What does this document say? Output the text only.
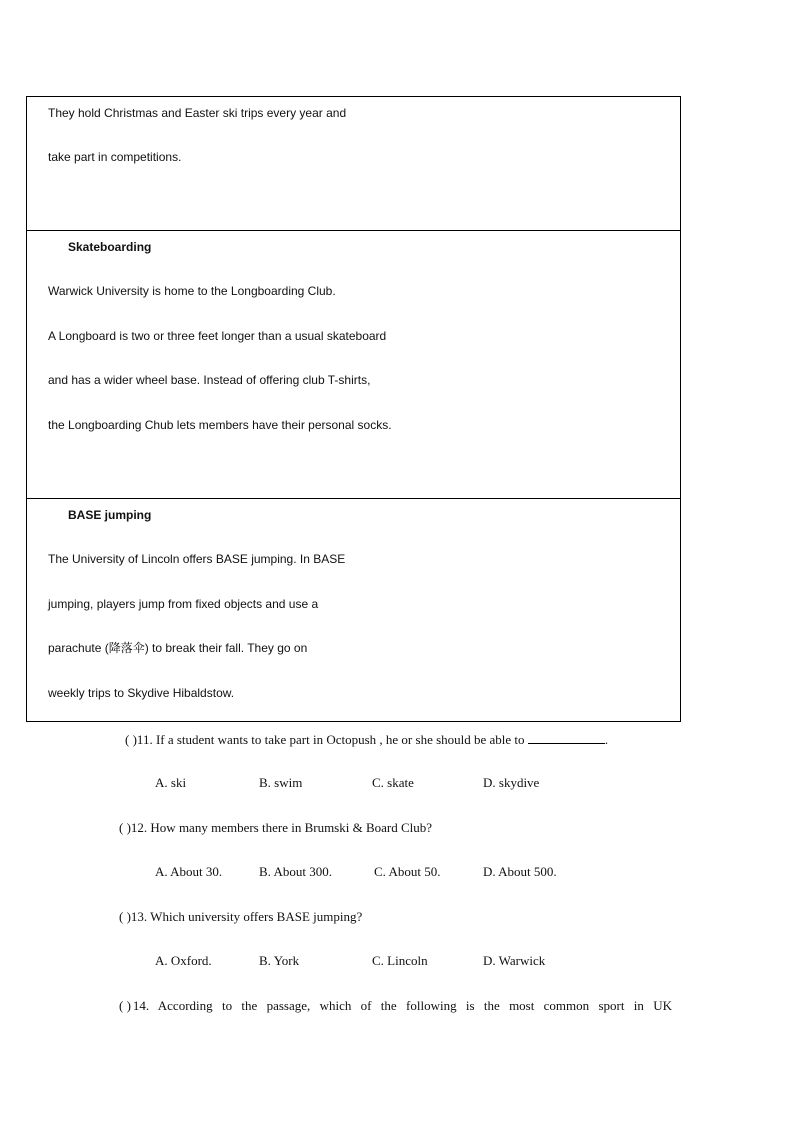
They hold Christmas and Easter ski trips every year and
take part in competitions.

Skateboarding
Warwick University is home to the Longboarding Club.
A Longboard is two or three feet longer than a usual skateboard
and has a wider wheel base. Instead of offering club T-shirts,
the Longboarding Chub lets members have their personal socks.

BASE jumping
The University of Lincoln offers BASE jumping. In BASE
jumping, players jump from fixed objects and use a
parachute (降落伞) to break their fall. They go on
weekly trips to Skydive Hibaldstow.
( )11. If a student wants to take part in Octopush , he or she should be able to	.
A. ski	B. swim	C. skate	D. skydive
( )12. How many members there in Brumski & Board Club?
A. About 30.	B. About 300.	C. About 50.	D. About 500.
( )13. Which university offers BASE jumping?
A. Oxford.	B. York	C. Lincoln	D. Warwick
( ) 14. According to the passage, which of the following is the most common sport in UK
